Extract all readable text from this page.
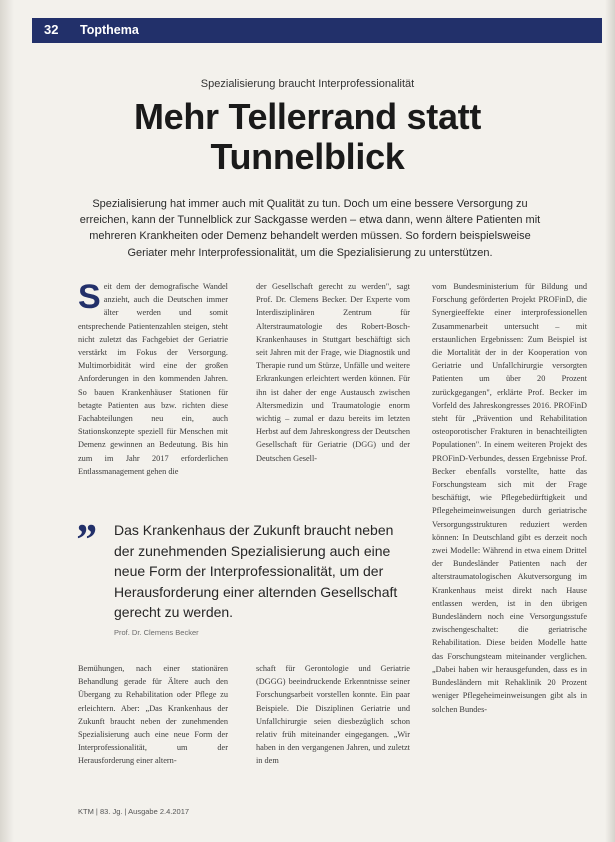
32 Topthema
Spezialisierung braucht Interprofessionalität
Mehr Tellerrand statt
Tunnelblick
Spezialisierung hat immer auch mit Qualität zu tun. Doch um eine bessere Versorgung zu erreichen, kann der Tunnelblick zur Sackgasse werden – etwa dann, wenn ältere Patienten mit mehreren Krankheiten oder Demenz behandelt werden müssen. So fordern beispielsweise Geriater mehr Interprofessionalität, um die Spezialisierung zu unterstützen.
S eit dem der demografische Wandel anzieht, auch die Deutschen immer älter werden und somit entsprechende Patientenzahlen steigen, steht nicht zuletzt das Fachgebiet der Geriatrie verstärkt im Fokus der Versorgung. Multimorbidität wird eine der großen Anforderungen in den kommenden Jahren. So bauen Krankenhäuser Stationen für betagte Patienten aus bzw. richten diese Fachabteilungen neu ein, auch Stationskonzepte speziell für Menschen mit Demenz gewinnen an Bedeutung. Bis hin zum im Jahr 2017 erforderlichen Entlassmanagement gehen die

der Gesellschaft gerecht zu werden", sagt Prof. Dr. Clemens Becker. Der Experte vom Interdisziplinären Zentrum für Alterstraumatologie des Robert-Bosch-Krankenhauses in Stuttgart beschäftigt sich seit Jahren mit der Frage, wie Diagnostik und Therapie rund um Stürze, Unfälle und weitere Erkrankungen erleichtert werden können. Für ihn ist daher der enge Austausch zwischen Altersmedizin und Traumatologie enorm wichtig – zumal er dazu bereits im letzten Herbst auf dem Jahreskongress der Deutschen Gesellschaft für Geriatrie (DGG) und der Deutschen Gesell-

vom Bundesministerium für Bildung und Forschung geförderten Projekt PROFinD, die Synergieeffekte einer interprofessionellen Zusammenarbeit untersucht – mit erstaunlichen Ergebnissen: Zum Beispiel ist die Mortalität der in der Kooperation von Geriatrie und Unfallchirurgie versorgten Patienten um über 20 Prozent zurückgegangen", erklärte Prof. Becker im Vorfeld des Jahreskongresses 2016. PROFinD steht für „Prävention und Rehabilitation osteoporotischer Frakturen in benachteiligten Populationen". In einem weiteren Projekt des PROFinD-Verbundes, dessen Ergebnisse Prof. Becker ebenfalls vorstellte, hatte das Forschungsteam sich mit der Frage beschäftigt, wie Pflegebedürftigkeit und Pflegeheimeinweisungen durch geriatrische Versorgungsstrukturen reduziert werden können: In Deutschland gibt es derzeit noch zwei Modelle: Während in etwa einem Drittel der Bundesländer Patienten nach der alterstraumatologischen Akutversorgung im Krankenhaus meist direkt nach Hause entlassen werden, ist in den übrigen Bundesländern noch eine Versorgungsstufe zwischengeschaltet: die geriatrische Rehabilitation. Diese beiden Modelle hatte das Forschungsteam miteinander verglichen. „Dabei haben wir herausgefunden, dass es in Bundesländern mit Rehaklinik 20 Prozent weniger Pflegeheimeinweisungen gibt als in solchen Bundes-

” Das Krankenhaus der Zukunft braucht neben der zunehmenden Spezialisierung auch eine neue Form der Interprofessionalität, um der Herausforderung einer alternden Gesellschaft gerecht zu werden.
Prof. Dr. Clemens Becker

Bemühungen, nach einer stationären Behandlung gerade für Ältere auch den Übergang zu Rehabilitation oder Pflege zu erleichtern. Aber: „Das Krankenhaus der Zukunft braucht neben der zunehmenden Spezialisierung auch eine neue Form der Interprofessionalität, um der Herausforderung einer altern-

schaft für Gerontologie und Geriatrie (DGGG) beeindruckende Erkenntnisse seiner Forschungsarbeit vorstellen konnte. Ein paar Beispiele. Die Disziplinen Geriatrie und Unfallchirurgie seien diesbezüglich schon relativ früh miteinander eingegangen. „Wir haben in den vergangenen Jahren, und zuletzt in dem

KTM | 83. Jg. | Ausgabe 2.4.2017
